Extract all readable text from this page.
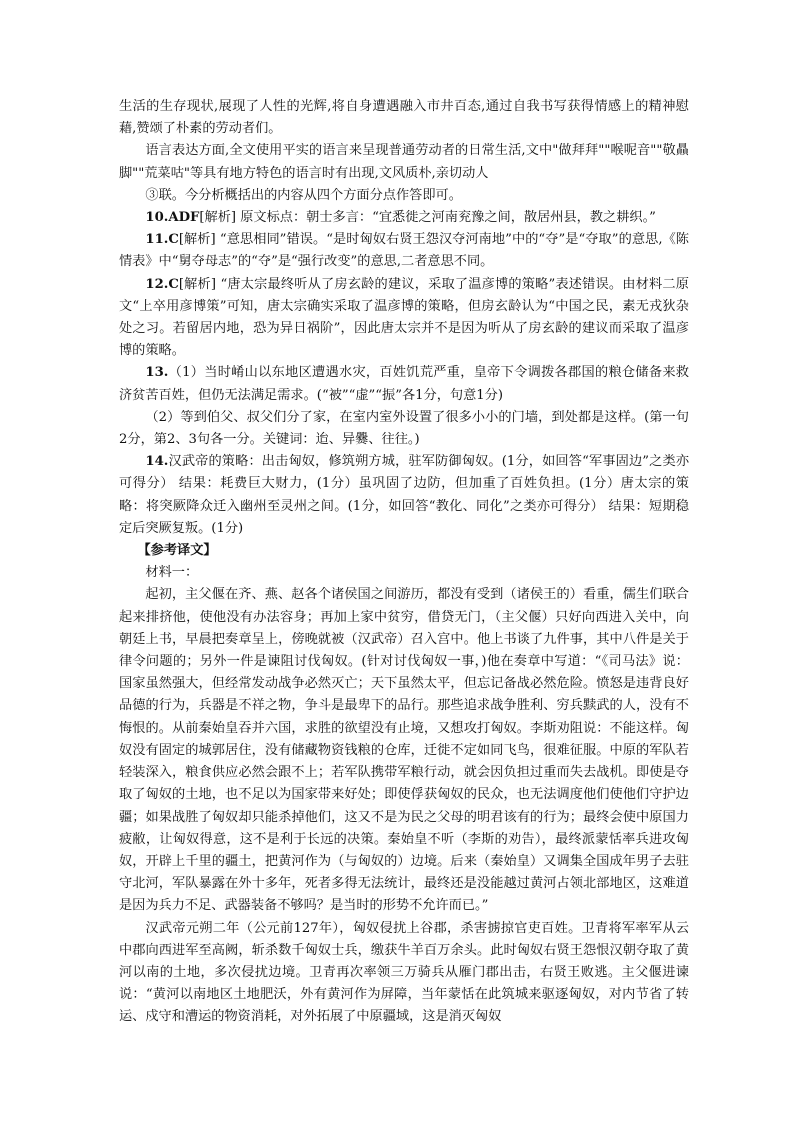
生活的生存现状,展现了人性的光辉,将自身遭遇融入市井百态,通过自我书写获得情感上的精神慰藉,赞颂了朴素的劳动者们。

语言表达方面,全文使用平实的语言来呈现普通劳动者的日常生活,文中"做拜拜""喉呢音""敬贔脚""荒菜咕"等具有地方特色的语言时有出现,文风质朴,亲切动人

③联。今分析概括出的内容从四个方面分点作答即可。

10.ADF[解析] 原文标点：朝士多言：“宜悉徙之河南兖豫之间，散居州县，教之耕织。”

11.C[解析] “意思相同”错误。“是时匈奴右贤王怨汉夺河南地”中的“夺”是“夺取”的意思,《陈情表》中“舅夺母志”的“夺”是“强行改变”的意思,二者意思不同。

12.C[解析] “唐太宗最终听从了房玄龄的建议，采取了温彦博的策略”表述错误。由材料二原文“上卒用彦博策”可知，唐太宗确实采取了温彦博的策略，但房玄龄认为“中国之民，素无戎狄杂处之习。若留居内地，恐为异日祸阶”，因此唐太宗并不是因为听从了房玄龄的建议而采取了温彦博的策略。

13.（1）当时崤山以东地区遭遇水灾，百姓饥荒严重，皇帝下令调拨各郡国的粮仓储备来救济贫苦百姓，但仍无法满足需求。(“被”“虚”“振”各1分，句意1分)

（2）等到伯父、叔父们分了家，在室内室外设置了很多小小的门墙，到处都是这样。(第一句2分，第2、3句各一分。关键词：迨、异爨、往往。)

14.汉武帝的策略：出击匈奴，修筑朔方城，驻军防御匈奴。(1分，如回答“军事固边”之类亦可得分） 结果：耗费巨大财力，(1分）虽巩固了边防，但加重了百姓负担。(1分）唐太宗的策略：将突厥降众迁入幽州至灵州之间。(1分，如回答“教化、同化”之类亦可得分） 结果：短期稳定后突厥复叛。(1分)

【参考译文】

材料一：

起初，主父偃在齐、燕、赵各个诸侯国之间游历，都没有受到（诸侯王的）看重，儒生们联合起来排挤他，使他没有办法容身；再加上家中贫穷，借贷无门，（主父偃）只好向西进入关中，向朝廷上书，早晨把奏章呈上，傍晚就被（汉武帝）召入宫中。他上书谈了九件事，其中八件是关于律令问题的；另外一件是谏阻讨伐匈奴。(针对讨伐匈奴一事，)他在奏章中写道：“《司马法》说：国家虽然强大，但经常发动战争必然灭亡；天下虽然太平，但忘记备战必然危险。愤怒是违背良好品德的行为，兵器是不祥之物，争斗是最卑下的品行。那些追求战争胜利、穷兵黩武的人，没有不悔恨的。从前秦始皇吞并六国，求胜的欲望没有止境，又想攻打匈奴。李斯劝阻说：不能这样。匈奴没有固定的城郭居住，没有储藏物资钱粮的仓库，迁徙不定如同飞鸟，很难征服。中原的军队若轻装深入，粮食供应必然会跟不上；若军队携带军粮行动，就会因负担过重而失去战机。即使是夺取了匈奴的土地，也不足以为国家带来好处；即使俘获匈奴的民众，也无法调度他们使他们守护边疆；如果战胜了匈奴却只能杀掉他们，这又不是为民之父母的明君该有的行为；最终会使中原国力疲敝，让匈奴得意，这不是利于长远的决策。秦始皇不听（李斯的劝告），最终派蒙恬率兵进攻匈奴，开辟上千里的疆土，把黄河作为（与匈奴的）边境。后来（秦始皇）又调集全国成年男子去驻守北河，军队暴露在外十多年，死者多得无法统计，最终还是没能越过黄河占领北部地区，这难道是因为兵力不足、武器装备不够吗？是当时的形势不允许而已。”

汉武帝元朔二年（公元前127年），匈奴侵扰上谷郡，杀害掳掠官吏百姓。卫青将军率军从云中郡向西进军至高阙，斩杀数千匈奴士兵，缴获牛羊百万余头。此时匈奴右贤王怨恨汉朝夺取了黄河以南的土地，多次侵扰边境。卫青再次率领三万骑兵从雁门郡出击，右贤王败逃。主父偃进谏说：“黄河以南地区土地肥沃，外有黄河作为屏障，当年蒙恬在此筑城来驱逐匈奴，对内节省了转运、戍守和漕运的物资消耗，对外拓展了中原疆域，这是消灭匈奴
